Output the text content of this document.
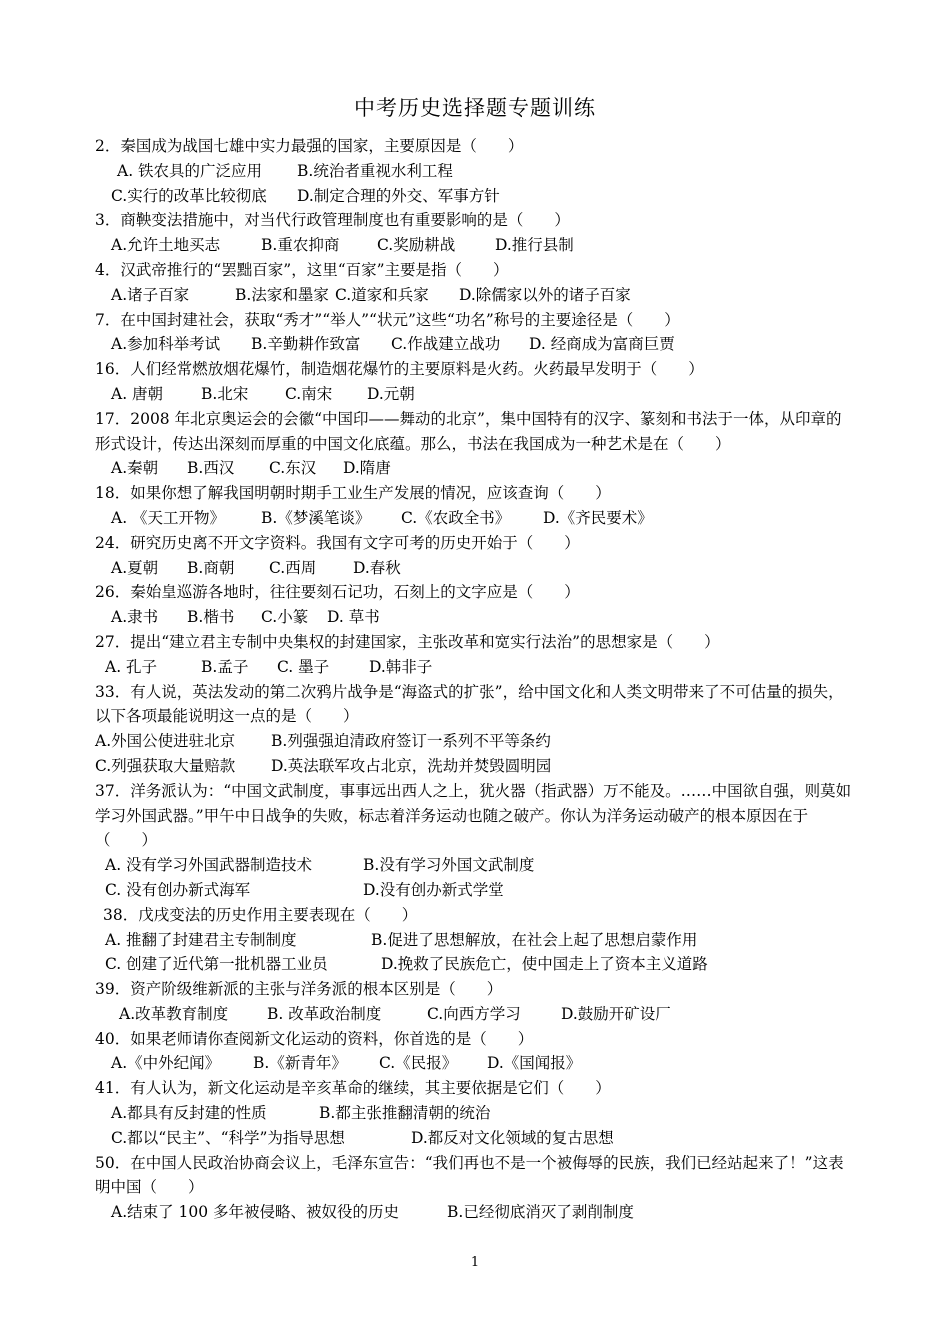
中考历史选择题专题训练
2．秦国成为战国七雄中实力最强的国家，主要原因是（　　）
A. 铁农具的广泛应用	B.统治者重视水利工程
C.实行的改革比较彻底	D.制定合理的外交、军事方针
3．商鞅变法措施中，对当代行政管理制度也有重要影响的是（　　）
A.允许土地买志	B.重农抑商	C.奖励耕战	D.推行县制
4．汉武帝推行的“罢黜百家”，这里“百家”主要是指（　　）
A.诸子百家	B.法家和墨家 C.道家和兵家	D.除儒家以外的诸子百家
7．在中国封建社会，获取“秀才”“举人”“状元”这些“功名”称号的主要途径是（　　）
A.参加科举考试	B.辛勤耕作致富	C.作战建立战功	D. 经商成为富商巨贾
16．人们经常燃放烟花爆竹，制造烟花爆竹的主要原料是火药。火药最早发明于（　　）
A. 唐朝	B.北宋	C.南宋	D.元朝
17．2008 年北京奥运会的会徽“中国印——舞动的北京”，集中国特有的汉字、篆刻和书法于一体，从印章的形式设计，传达出深刻而厚重的中国文化底蕴。那么，书法在我国成为一种艺术是在（　　）
A.秦朝	B.西汉	C.东汉	D.隋唐
18．如果你想了解我国明朝时期手工业生产发展的情况，应该查询（　　）
A. 《天工开物》	B.《梦溪笔谈》	C.《农政全书》	D.《齐民要术》
24．研究历史离不开文字资料。我国有文字可考的历史开始于（　　）
A.夏朝	B.商朝	C.西周	D.春秋
26．秦始皇巡游各地时，往往要刻石记功，石刻上的文字应是（　　）
A.隶书	B.楷书	C.小篆	D. 草书
27．提出“建立君主专制中央集权的封建国家，主张改革和宽实行法治”的思想家是（　　）
A. 孔子	B.孟子	C. 墨子	D.韩非子
33．有人说，英法发动的第二次鸦片战争是“海盗式的扩张”，给中国文化和人类文明带来了不可估量的损失，以下各项最能说明这一点的是（　　）
A.外国公使进驻北京	B.列强强迫清政府签订一系列不平等条约
C.列强获取大量赔款	D.英法联军攻占北京，洗劫并焚毁圆明园
37．洋务派认为：“中国文武制度，事事远出西人之上，犹火器（指武器）万不能及。……中国欲自强，则莫如学习外国武器。”甲午中日战争的失败，标志着洋务运动也随之破产。你认为洋务运动破产的根本原因在于（　　）
A. 没有学习外国武器制造技术	B.没有学习外国文武制度
C. 没有创办新式海军	D.没有创办新式学堂
38．戊戌变法的历史作用主要表现在（　　）
A. 推翻了封建君主专制制度	B.促进了思想解放，在社会上起了思想启蒙作用
C. 创建了近代第一批机器工业员	D.挽救了民族危亡，使中国走上了资本主义道路
39．资产阶级维新派的主张与洋务派的根本区别是（　　）
A.改革教育制度	B. 改革政治制度	C.向西方学习	D.鼓励开矿设厂
40．如果老师请你查阅新文化运动的资料，你首选的是（　　）
A.《中外纪闻》	B.《新青年》	C.《民报》	D.《国闻报》
41．有人认为，新文化运动是辛亥革命的继续，其主要依据是它们（　　）
A.都具有反封建的性质	B.都主张推翻清朝的统治
C.都以“民主”、“科学”为指导思想	D.都反对文化领域的复古思想
50．在中国人民政治协商会议上，毛泽东宣告：“我们再也不是一个被侮辱的民族，我们已经站起来了！”这表明中国（　　）
A.结束了 100 多年被侵略、被奴役的历史	B.已经彻底消灭了剥削制度
1
